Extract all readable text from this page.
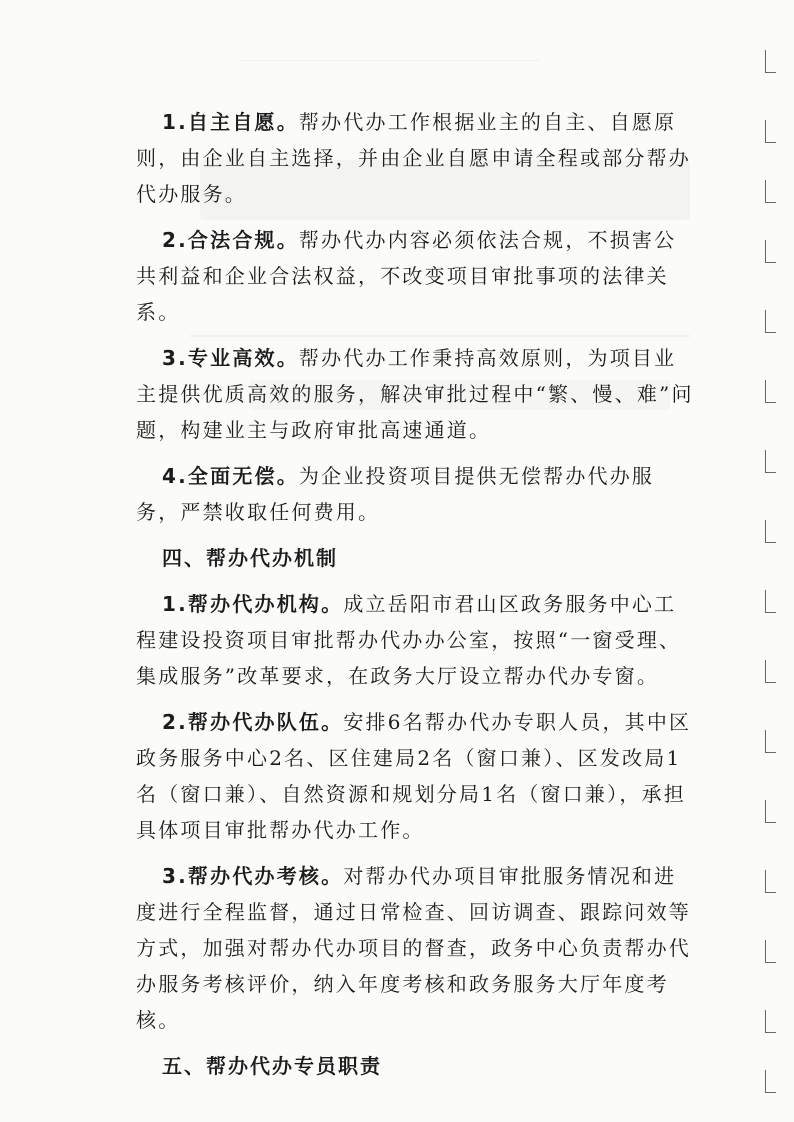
1.自主自愿。帮办代办工作根据业主的自主、自愿原则，由企业自主选择，并由企业自愿申请全程或部分帮办代办服务。

2.合法合规。帮办代办内容必须依法合规，不损害公共利益和企业合法权益，不改变项目审批事项的法律关系。

3.专业高效。帮办代办工作秉持高效原则，为项目业主提供优质高效的服务，解决审批过程中“繁、慢、难”问题，构建业主与政府审批高速通道。

4.全面无偿。为企业投资项目提供无偿帮办代办服务，严禁收取任何费用。

四、帮办代办机制

1.帮办代办机构。成立岳阳市君山区政务服务中心工程建设投资项目审批帮办代办办公室，按照“一窗受理、集成服务”改革要求，在政务大厅设立帮办代办专窗。

2.帮办代办队伍。安排6名帮办代办专职人员，其中区政务服务中心2名、区住建局2名（窗口兼）、区发改局1名（窗口兼）、自然资源和规划分局1名（窗口兼），承担具体项目审批帮办代办工作。

3.帮办代办考核。对帮办代办项目审批服务情况和进度进行全程监督，通过日常检查、回访调查、跟踪问效等方式，加强对帮办代办项目的督查，政务中心负责帮办代办服务考核评价，纳入年度考核和政务服务大厅年度考核。

五、帮办代办专员职责
